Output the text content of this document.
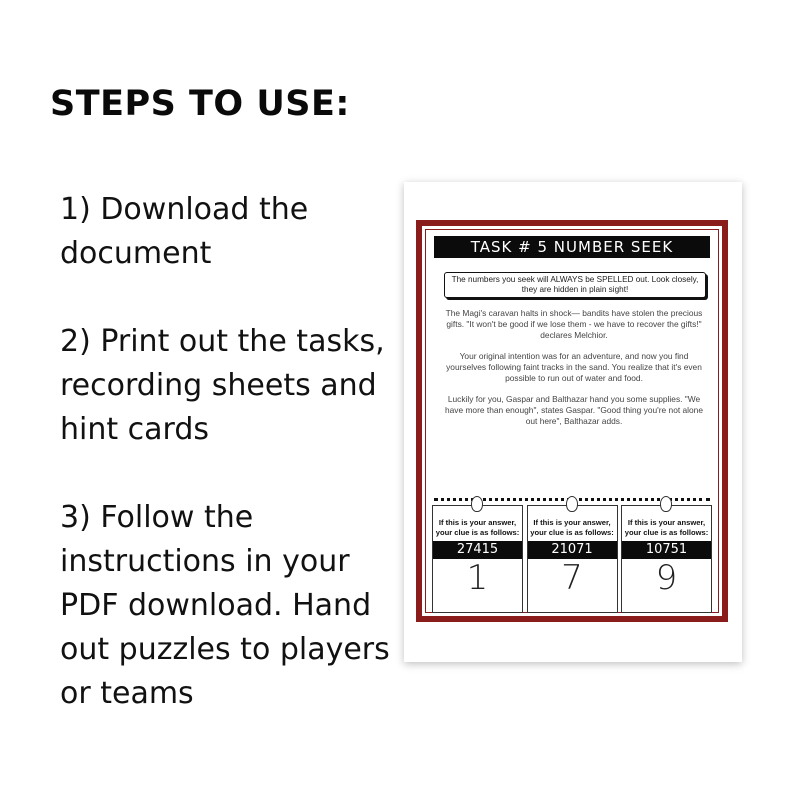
STEPS TO USE:

1) Download the document

2) Print out the tasks, recording sheets and hint cards

3) Follow the instructions in your PDF download. Hand out puzzles to players or teams

TASK # 5 NUMBER SEEK
The numbers you seek will ALWAYS be SPELLED out. Look closely, they are hidden in plain sight!

The Magi's caravan halts in shock— bandits have stolen the precious gifts. "It won't be good if we lose them - we have to recover the gifts!" declares Melchior.

Your original intention was for an adventure, and now you find yourselves following faint tracks in the sand. You realize that it's even possible to run out of water and food.

Luckily for you, Gaspar and Balthazar hand you some supplies. "We have more than enough", states Gaspar. "Good thing you're not alone out here", Balthazar adds.

If this is your answer, your clue is as follows:
27415
1
If this is your answer, your clue is as follows:
21071
7
If this is your answer, your clue is as follows:
10751
9
